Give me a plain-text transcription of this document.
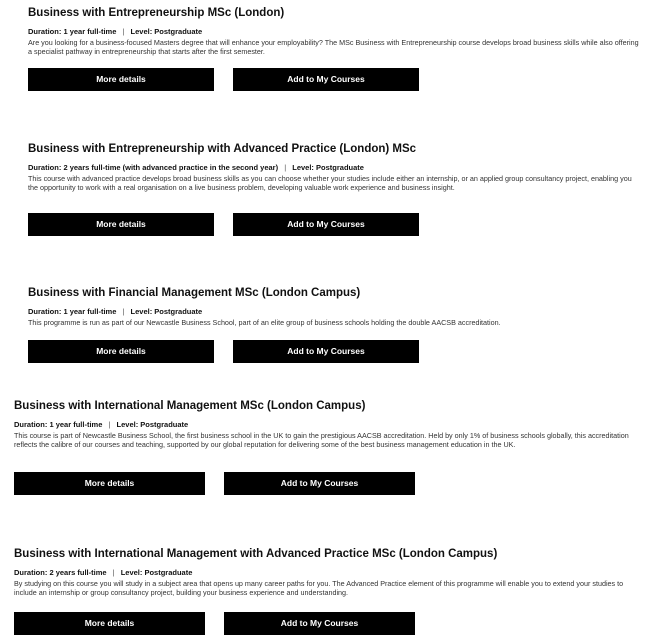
Business with Entrepreneurship MSc (London)
Duration: 1 year full-time | Level: Postgraduate
Are you looking for a business-focused Masters degree that will enhance your employability? The MSc Business with Entrepreneurship course develops broad business skills while also offering a specialist pathway in entrepreneurship that starts after the first semester.
More details	Add to My Courses
Business with Entrepreneurship with Advanced Practice (London) MSc
Duration: 2 years full-time (with advanced practice in the second year) | Level: Postgraduate
This course with advanced practice develops broad business skills as you can choose whether your studies include either an internship, or an applied group consultancy project, enabling you the opportunity to work with a real organisation on a live business problem, developing valuable work experience and business insight.
More details	Add to My Courses
Business with Financial Management MSc (London Campus)
Duration: 1 year full-time | Level: Postgraduate
This programme is run as part of our Newcastle Business School, part of an elite group of business schools holding the double AACSB accreditation.
More details	Add to My Courses
Business with International Management MSc (London Campus)
Duration: 1 year full-time | Level: Postgraduate
This course is part of Newcastle Business School, the first business school in the UK to gain the prestigious AACSB accreditation. Held by only 1% of business schools globally, this accreditation reflects the calibre of our courses and teaching, supported by our global reputation for delivering some of the best business management education in the UK.
More details	Add to My Courses
Business with International Management with Advanced Practice MSc (London Campus)
Duration: 2 years full-time | Level: Postgraduate
By studying on this course you will study in a subject area that opens up many career paths for you. The Advanced Practice element of this programme will enable you to extend your studies to include an internship or group consultancy project, building your business experience and understanding.
More details	Add to My Courses
